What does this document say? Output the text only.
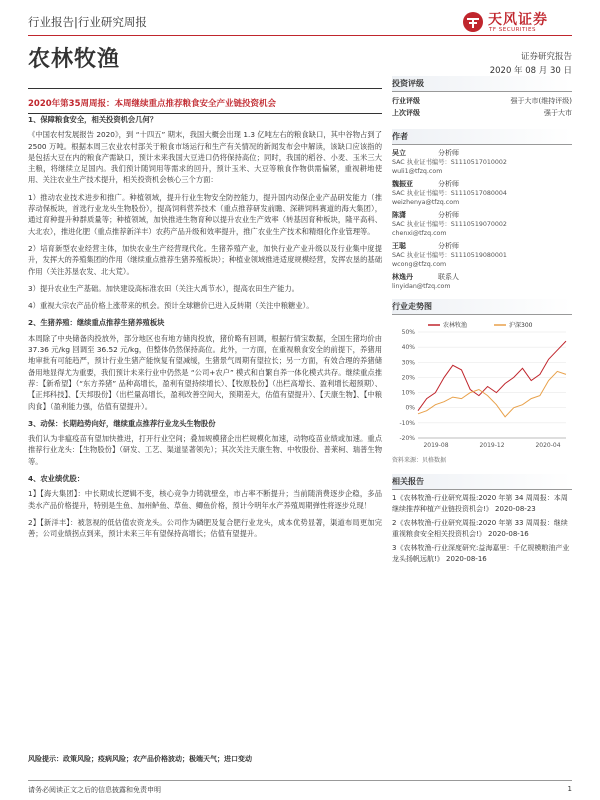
行业报告|行业研究周报	天风证券
TF SECURITIES
农林牧渔	证券研究报告
2020 年 08 月 30 日
2020年第35周周报：本周继续重点推荐粮食安全产业链投资机会
1、保障粮食安全，相关投资机会几何？

《中国农村发展报告 2020》，到 “十四五” 期末，我国大概会出现 1.3 亿吨左右的粮食缺口，其中谷物占到了 2500 万吨。根据本周三农业农村部关于粮食市场运行和生产有关情况的新闻发布会中解读，该缺口应该指的是包括大豆在内的粮食产需缺口，预计未来我国大豆进口仍将保持高位；同时，我国的稻谷、小麦、玉米三大主粮，将继续立足国内。我们预计随饲用等需求的回升，预计玉米、大豆等粮食作物供需偏紧，重视耕地使用、关注农业生产技术提升，相关投资机会核心三个方面：

1）推动农业技术进步和推广。种植领域，提升行业生物安全防控能力，提升国内动保企业产品研发能力（推荐动保板块，首选行业龙头生物股份），提高饲料营养技术（重点推荐研发前瞻、深耕饲料赛道的海大集团），通过育种提升种群质量等；种植领域，加快推进生物育种以提升农业生产效率（转基因育种板块，隆平高科、大北农），推进化肥（重点推荐新洋丰）农药产品升级和效率提升，推广农业生产技术和精细化作业管理等。
2）培育新型农业经营主体，加快农业生产经营现代化。生猪养殖产业，加快行业产业升级以及行业集中度提升，发挥大的养殖集团的作用（继续重点推荐生猪养殖板块）；种植业领域推进适度规模经营，发挥农垦的基础作用（关注苏垦农发、北大荒）。
3）提升农业生产基础。加快建设高标准农田（关注大禹节水），提高农田生产能力。
4）重视大宗农产品价格上涨带来的机会。预计全球糖价已进入反转期（关注中粮糖业）。
2、生猪养殖：继续重点推荐生猪养殖板块

本周除了中央储备肉投放外，部分地区也有地方储肉投放，猪价略有回调，根据行情宝数据，全国生猪均价由 37.36 元/kg 回调至 36.52 元/kg，但整体仍然保持高位。此外，一方面，在重视粮食安全的前提下，养猪用地审批有可能趋严，预计行业生猪产能恢复有望减缓，生猪景气周期有望拉长；另一方面，有效合理的养猪储备用地显得尤为重要，我们预计未来行业中仍然是 “公司+农户” 模式和自繁自养一体化模式共存。继续重点推荐：【新希望】（“东方养猪” 品种高增长，盈利有望持续增长）、【牧原股份】（出栏高增长、盈利增长超预期）、【正邦科技】、【天邦股份】（出栏量高增长，盈利改善空间大，预期差大，估值有望提升）、【天康生物】、【中粮肉食】（盈利能力强，估值有望提升）。

3、动保：长期趋势向好，继续重点推荐行业龙头生物股份

我们认为非瘟疫苗有望加快推进，打开行业空间；叠加规模猪企出栏规模化加速，动物疫苗业绩或加速。重点推荐行业龙头：【生物股份】（研发、工艺、渠道显著领先）；其次关注天康生物、中牧股份、普莱柯、瑞普生物等。

4、农业绩优股：
1】【海大集团】：中长期成长逻辑不变，核心竞争力铸就壁垒，市占率不断提升；当前随消费逐步企稳，多品类水产品价格提升，特别是生鱼、加州鲈鱼、草鱼、鲫鱼价格，预计今明年水产养殖周期弹性将逐步兑现！
2】【新洋丰】：被忽视的低估值农资龙头。公司作为磷肥及复合肥行业龙头，成本优势显著，渠道布局更加完善；公司业绩拐点到来，预计未来三年有望保持高增长；估值有望提升。
风险提示：政策风险；疫病风险；农产品价格波动；极端天气；进口变动
投资评级
行业评级	强于大市(维持评级)
上次评级	强于大市
作者
吴立	分析师
SAC 执业证书编号：S1110517010002
wuli1@tfzq.com
魏振亚	分析师
SAC 执业证书编号：S1110517080004
weizhenya@tfzq.com
陈潇	分析师
SAC 执业证书编号：S1110519070002
chenxi@tfzq.com
王聪	分析师
SAC 执业证书编号：S1110519080001
wcong@tfzq.com
林逸丹	联系人
linyidan@tfzq.com
行业走势图
-20%
-10%
0%
10%
20%
30%
40%
50%
2019-08	2019-12	2020-04
农林牧渔	沪深300
资料来源：贝格数据
相关报告
1《农林牧渔-行业研究周报:2020 年第 34 周周报：本周继续推荐种植产业链投资机会!》 2020-08-23
2《农林牧渔-行业研究周报:2020 年第 33 周周报：继续重视粮食安全相关投资机会!》 2020-08-16
3《农林牧渔-行业深度研究:益海嘉里：千亿规模粮油产业龙头扬帆远航!》 2020-08-16
请务必阅读正文之后的信息披露和免责申明	1
